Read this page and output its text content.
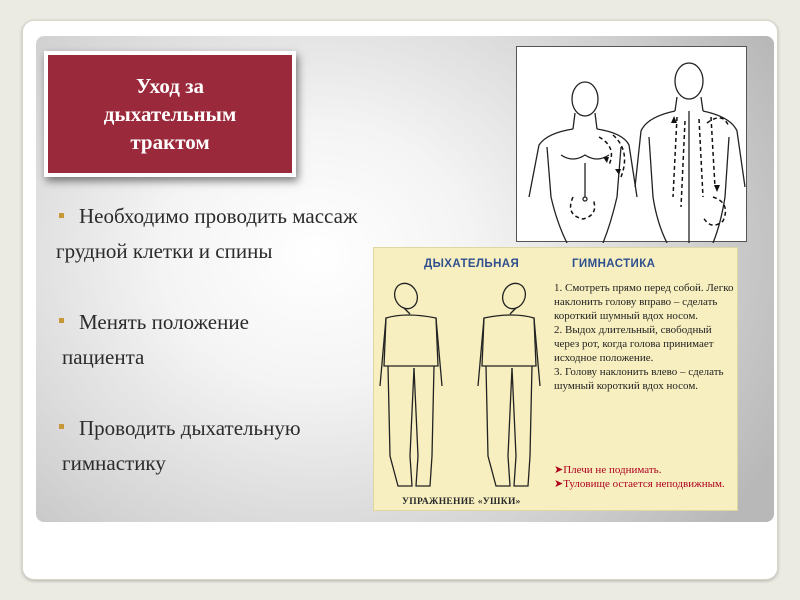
Уход за дыхательным трактом
Необходимо проводить массаж
грудной клетки и спины
Менять положение
пациента
Проводить дыхательную
гимнастику
ДЫХАТЕЛЬНАЯ	ГИМНАСТИКА

1. Смотреть прямо перед собой. Легко наклонить голову вправо – сделать короткий шумный вдох носом.

2. Выдох длительный, свободный через рот, когда голова принимает исходное положение.

3. Голову наклонить влево – сделать шумный короткий вдох носом.

➤Плечи не поднимать.
➤Туловище остается неподвижным.
УПРАЖНЕНИЕ «УШКИ»
